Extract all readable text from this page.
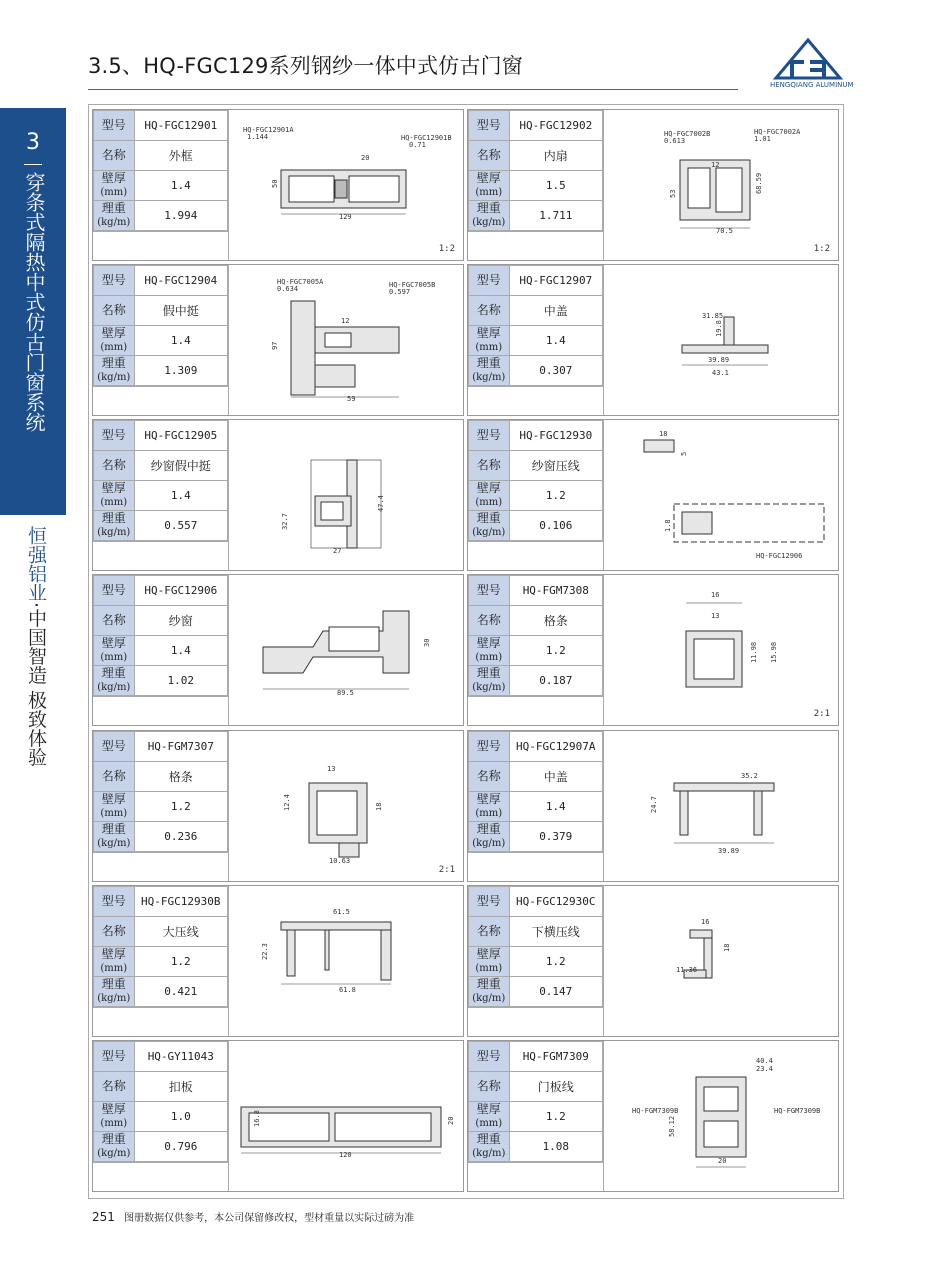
3.5、HQ-FGC129系列钢纱一体中式仿古门窗
HENGQIANG ALUMINUM
3
穿条式隔热中式仿古门窗系统
恒强铝业·中国智造 极致体验
型号	HQ-FGC12901
名称	外框
壁厚
(mm)	1.4
理重
(kg/m)	1.994
HQ-FGC12901A
1.144	HQ-FGC12901B
0.71
20
50
129
1:2
型号	HQ-FGC12902
名称	内扇
壁厚
(mm)	1.5
理重
(kg/m)	1.711
HQ-FGC7002B
0.613
HQ-FGC7002A
1.01
12
53	68.59
70.5
1:2
型号	HQ-FGC12904
名称	假中挺
壁厚
(mm)	1.4
理重
(kg/m)	1.309
HQ-FGC7005A
0.634	HQ-FGC7005B
0.597
12
97
59
型号	HQ-FGC12907
名称	中盖
壁厚
(mm)	1.4
理重
(kg/m)	0.307
31.85
19.8
39.89
43.1
型号	HQ-FGC12905
名称	纱窗假中挺
壁厚
(mm)	1.4
理重
(kg/m)	0.557	32.7
47.4
27
型号	HQ-FGC12930
名称	纱窗压线
壁厚
(mm)	1.2
理重
(kg/m)	0.106
18
5
1.8
HQ-FGC12906
型号	HQ-FGC12906
名称	纱窗
壁厚
(mm)	1.4
理重
(kg/m)	1.02
30
89.5
型号	HQ-FGM7308
名称	格条
壁厚
(mm)	1.2
理重
(kg/m)	0.187
16
13
11.98 15.98
2:1
型号	HQ-FGM7307
名称	格条
壁厚
(mm)	1.2
理重
(kg/m)	0.236
13
12.4	18
10.63
2:1
型号	HQ-FGC12907A
名称	中盖
壁厚
(mm)	1.4
理重
(kg/m)	0.379
35.2
24.7
39.89
型号	HQ-FGC12930B
名称	大压线
壁厚
(mm)	1.2
理重
(kg/m)	0.421
61.5
22.3
61.8
型号	HQ-FGC12930C
名称	下横压线
壁厚
(mm)	1.2
理重
(kg/m)	0.147
16
18
11.36
型号	HQ-GY11043
名称	扣板
壁厚
(mm)	1.0
理重
(kg/m)	0.796
16.8	20
120
型号	HQ-FGM7309
名称	门板线
壁厚
(mm)	1.2
理重
(kg/m)	1.08
40.4
23.4
HQ-FGM7309B	HQ-FGM7309B
58.12
20
251 图册数据仅供参考，本公司保留修改权，型材重量以实际过磅为准
